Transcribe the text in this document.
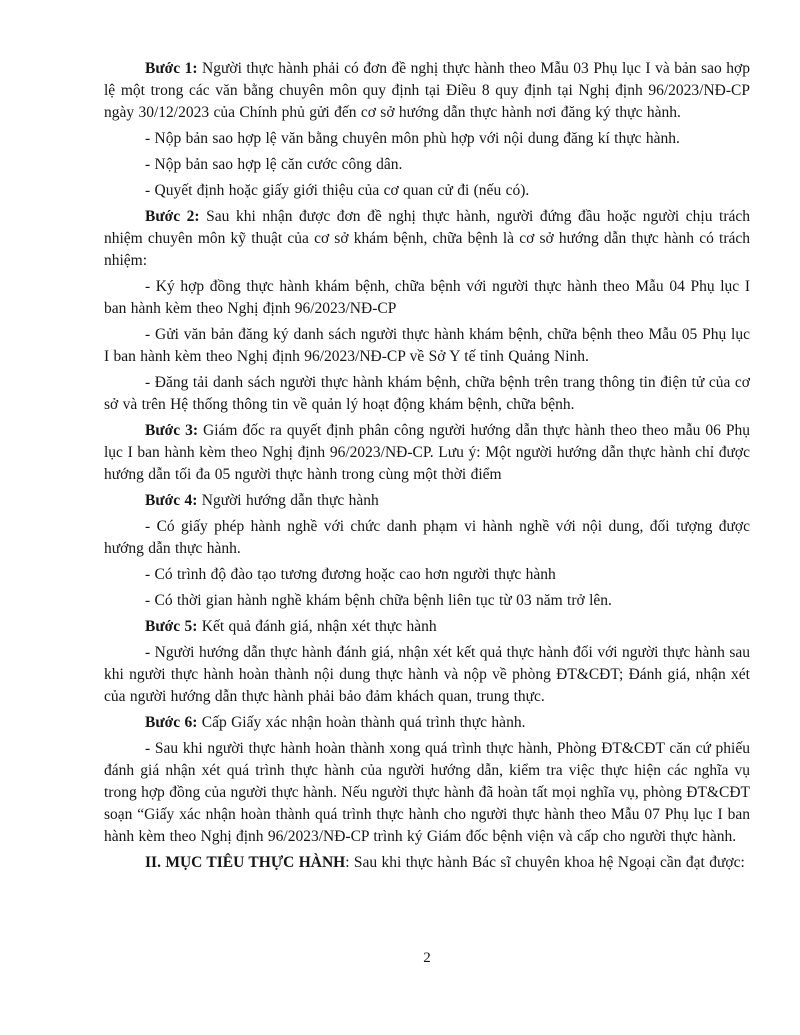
Bước 1: Người thực hành phải có đơn đề nghị thực hành theo Mẫu 03 Phụ lục I và bản sao hợp lệ một trong các văn bằng chuyên môn quy định tại Điều 8 quy định tại Nghị định 96/2023/NĐ-CP ngày 30/12/2023 của Chính phủ gửi đến cơ sở hướng dẫn thực hành nơi đăng ký thực hành.

- Nộp bản sao hợp lệ văn bằng chuyên môn phù hợp với nội dung đăng kí thực hành.

- Nộp bản sao hợp lệ căn cước công dân.

- Quyết định hoặc giấy giới thiệu của cơ quan cử đi (nếu có).

Bước 2: Sau khi nhận được đơn đề nghị thực hành, người đứng đầu hoặc người chịu trách nhiệm chuyên môn kỹ thuật của cơ sở khám bệnh, chữa bệnh là cơ sở hướng dẫn thực hành có trách nhiệm:

- Ký hợp đồng thực hành khám bệnh, chữa bệnh với người thực hành theo Mẫu 04 Phụ lục I ban hành kèm theo Nghị định 96/2023/NĐ-CP

- Gửi văn bản đăng ký danh sách người thực hành khám bệnh, chữa bệnh theo Mẫu 05 Phụ lục I ban hành kèm theo Nghị định 96/2023/NĐ-CP về Sở Y tế tỉnh Quảng Ninh.

- Đăng tải danh sách người thực hành khám bệnh, chữa bệnh trên trang thông tin điện tử của cơ sở và trên Hệ thống thông tin về quản lý hoạt động khám bệnh, chữa bệnh.

Bước 3: Giám đốc ra quyết định phân công người hướng dẫn thực hành theo theo mẫu 06 Phụ lục I ban hành kèm theo Nghị định 96/2023/NĐ-CP. Lưu ý: Một người hướng dẫn thực hành chỉ được hướng dẫn tối đa 05 người thực hành trong cùng một thời điểm

Bước 4: Người hướng dẫn thực hành

- Có giấy phép hành nghề với chức danh phạm vi hành nghề với nội dung, đối tượng được hướng dẫn thực hành.

- Có trình độ đào tạo tương đương hoặc cao hơn người thực hành

- Có thời gian hành nghề khám bệnh chữa bệnh liên tục từ 03 năm trở lên.

Bước 5: Kết quả đánh giá, nhận xét thực hành

- Người hướng dẫn thực hành đánh giá, nhận xét kết quả thực hành đối với người thực hành sau khi người thực hành hoàn thành nội dung thực hành và nộp về phòng ĐT&CĐT; Đánh giá, nhận xét của người hướng dẫn thực hành phải bảo đảm khách quan, trung thực.

Bước 6: Cấp Giấy xác nhận hoàn thành quá trình thực hành.

- Sau khi người thực hành hoàn thành xong quá trình thực hành, Phòng ĐT&CĐT căn cứ phiếu đánh giá nhận xét quá trình thực hành của người hướng dẫn, kiểm tra việc thực hiện các nghĩa vụ trong hợp đồng của người thực hành. Nếu người thực hành đã hoàn tất mọi nghĩa vụ, phòng ĐT&CĐT soạn “Giấy xác nhận hoàn thành quá trình thực hành cho người thực hành theo Mẫu 07 Phụ lục I ban hành kèm theo Nghị định 96/2023/NĐ-CP trình ký Giám đốc bệnh viện và cấp cho người thực hành.

II. MỤC TIÊU THỰC HÀNH: Sau khi thực hành Bác sĩ chuyên khoa hệ Ngoại cần đạt được:

2
